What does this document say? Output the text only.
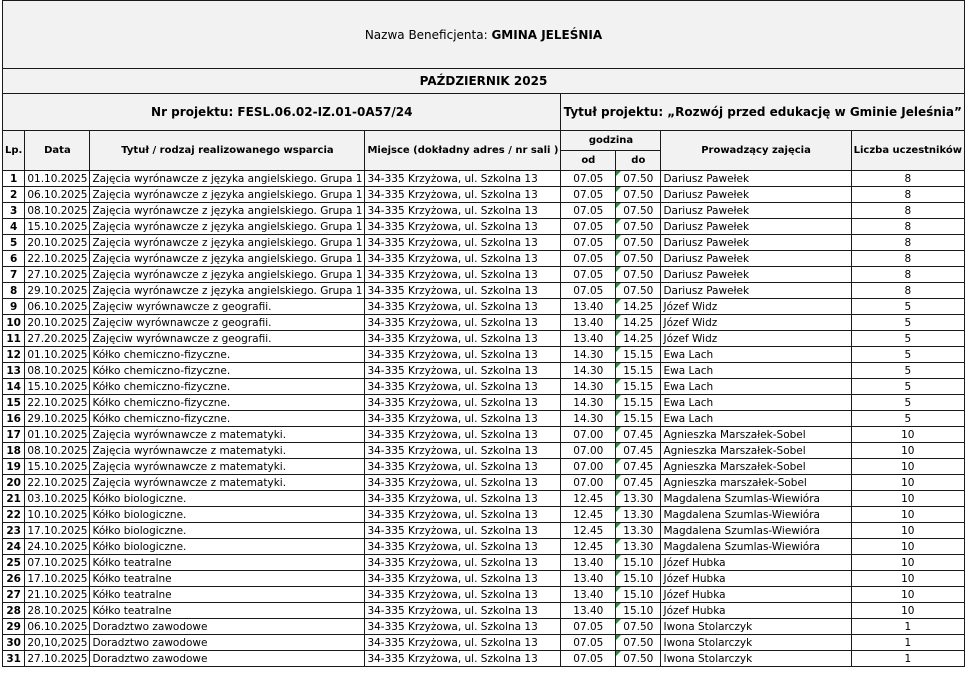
Nazwa Beneficjenta: GMINA JELEŚNIA							
PAŹDZIERNIK 2025							
Nr projektu: FESL.06.02-IZ.01-0A57/24				Tytuł projektu: „Rozwój przed edukację w Gminie Jeleśnia”			
Lp.	Data	Tytuł / rodzaj realizowanego wsparcia	Miejsce (dokładny adres / nr sali )	godzina		Prowadzący zajęcia	Liczba uczestników
				od	do		
1	01.10.2025	Zajęcia wyrónawcze z języka angielskiego. Grupa 1	34-335 Krzyżowa, ul. Szkolna 13	07.05	07.50	Dariusz Pawełek	8
2	06.10.2025	Zajęcia wyrónawcze z języka angielskiego. Grupa 1	34-335 Krzyżowa, ul. Szkolna 13	07.05	07.50	Dariusz Pawełek	8
3	08.10.2025	Zajęcia wyrónawcze z języka angielskiego. Grupa 1	34-335 Krzyżowa, ul. Szkolna 13	07.05	07.50	Dariusz Pawełek	8
4	15.10.2025	Zajęcia wyrónawcze z języka angielskiego. Grupa 1	34-335 Krzyżowa, ul. Szkolna 13	07.05	07.50	Dariusz Pawełek	8
5	20.10.2025	Zajęcia wyrónawcze z języka angielskiego. Grupa 1	34-335 Krzyżowa, ul. Szkolna 13	07.05	07.50	Dariusz Pawełek	8
6	22.10.2025	Zajęcia wyrónawcze z języka angielskiego. Grupa 1	34-335 Krzyżowa, ul. Szkolna 13	07.05	07.50	Dariusz Pawełek	8
7	27.10.2025	Zajęcia wyrónawcze z języka angielskiego. Grupa 1	34-335 Krzyżowa, ul. Szkolna 13	07.05	07.50	Dariusz Pawełek	8
8	29.10.2025	Zajęcia wyrónawcze z języka angielskiego. Grupa 1	34-335 Krzyżowa, ul. Szkolna 13	07.05	07.50	Dariusz Pawełek	8
9	06.10.2025	Zajęciw wyrównawcze z geografii.	34-335 Krzyżowa, ul. Szkolna 13	13.40	14.25	Józef Widz	5
10	20.10.2025	Zajęciw wyrównawcze z geografii.	34-335 Krzyżowa, ul. Szkolna 13	13.40	14.25	Józef Widz	5
11	27.20.2025	Zajęciw wyrównawcze z geografii.	34-335 Krzyżowa, ul. Szkolna 13	13.40	14.25	Józef Widz	5
12	01.10.2025	Kółko chemiczno-fizyczne.	34-335 Krzyżowa, ul. Szkolna 13	14.30	15.15	Ewa Lach	5
13	08.10.2025	Kółko chemiczno-fizyczne.	34-335 Krzyżowa, ul. Szkolna 13	14.30	15.15	Ewa Lach	5
14	15.10.2025	Kółko chemiczno-fizyczne.	34-335 Krzyżowa, ul. Szkolna 13	14.30	15.15	Ewa Lach	5
15	22.10.2025	Kółko chemiczno-fizyczne.	34-335 Krzyżowa, ul. Szkolna 13	14.30	15.15	Ewa Lach	5
16	29.10.2025	Kółko chemiczno-fizyczne.	34-335 Krzyżowa, ul. Szkolna 13	14.30	15.15	Ewa Lach	5
17	01.10.2025	Zajęcia wyrównawcze z matematyki.	34-335 Krzyżowa, ul. Szkolna 13	07.00	07.45	Agnieszka Marszałek-Sobel	10
18	08.10.2025	Zajęcia wyrównawcze z matematyki.	34-335 Krzyżowa, ul. Szkolna 13	07.00	07.45	Agnieszka Marszałek-Sobel	10
19	15.10.2025	Zajęcia wyrównawcze z matematyki.	34-335 Krzyżowa, ul. Szkolna 13	07.00	07.45	Agnieszka Marszałek-Sobel	10
20	22.10.2025	Zajęcia wyrównawcze z matematyki.	34-335 Krzyżowa, ul. Szkolna 13	07.00	07.45	Agnieszka marszałek-Sobel	10
21	03.10.2025	Kółko biologiczne.	34-335 Krzyżowa, ul. Szkolna 13	12.45	13.30	Magdalena Szumlas-Wiewióra	10
22	10.10.2025	Kółko biologiczne.	34-335 Krzyżowa, ul. Szkolna 13	12.45	13.30	Magdalena Szumlas-Wiewióra	10
23	17.10.2025	Kółko biologiczne.	34-335 Krzyżowa, ul. Szkolna 13	12.45	13.30	Magdalena Szumlas-Wiewióra	10
24	24.10.2025	Kółko biologiczne.	34-335 Krzyżowa, ul. Szkolna 13	12.45	13.30	Magdalena Szumlas-Wiewióra	10
25	07.10.2025	Kółko teatralne	34-335 Krzyżowa, ul. Szkolna 13	13.40	15.10	Józef Hubka	10
26	17.10.2025	Kółko teatralne	34-335 Krzyżowa, ul. Szkolna 13	13.40	15.10	Józef Hubka	10
27	21.10.2025	Kółko teatralne	34-335 Krzyżowa, ul. Szkolna 13	13.40	15.10	Józef Hubka	10
28	28.10.2025	Kółko teatralne	34-335 Krzyżowa, ul. Szkolna 13	13.40	15.10	Józef Hubka	10
29	06.10.2025	Doradztwo zawodowe	34-335 Krzyżowa, ul. Szkolna 13	07.05	07.50	Iwona Stolarczyk	1
30	20,10,2025	Doradztwo zawodowe	34-335 Krzyżowa, ul. Szkolna 13	07.05	07.50	Iwona Stolarczyk	1
31	27.10.2025	Doradztwo zawodowe	34-335 Krzyżowa, ul. Szkolna 13	07.05	07.50	Iwona Stolarczyk	1
